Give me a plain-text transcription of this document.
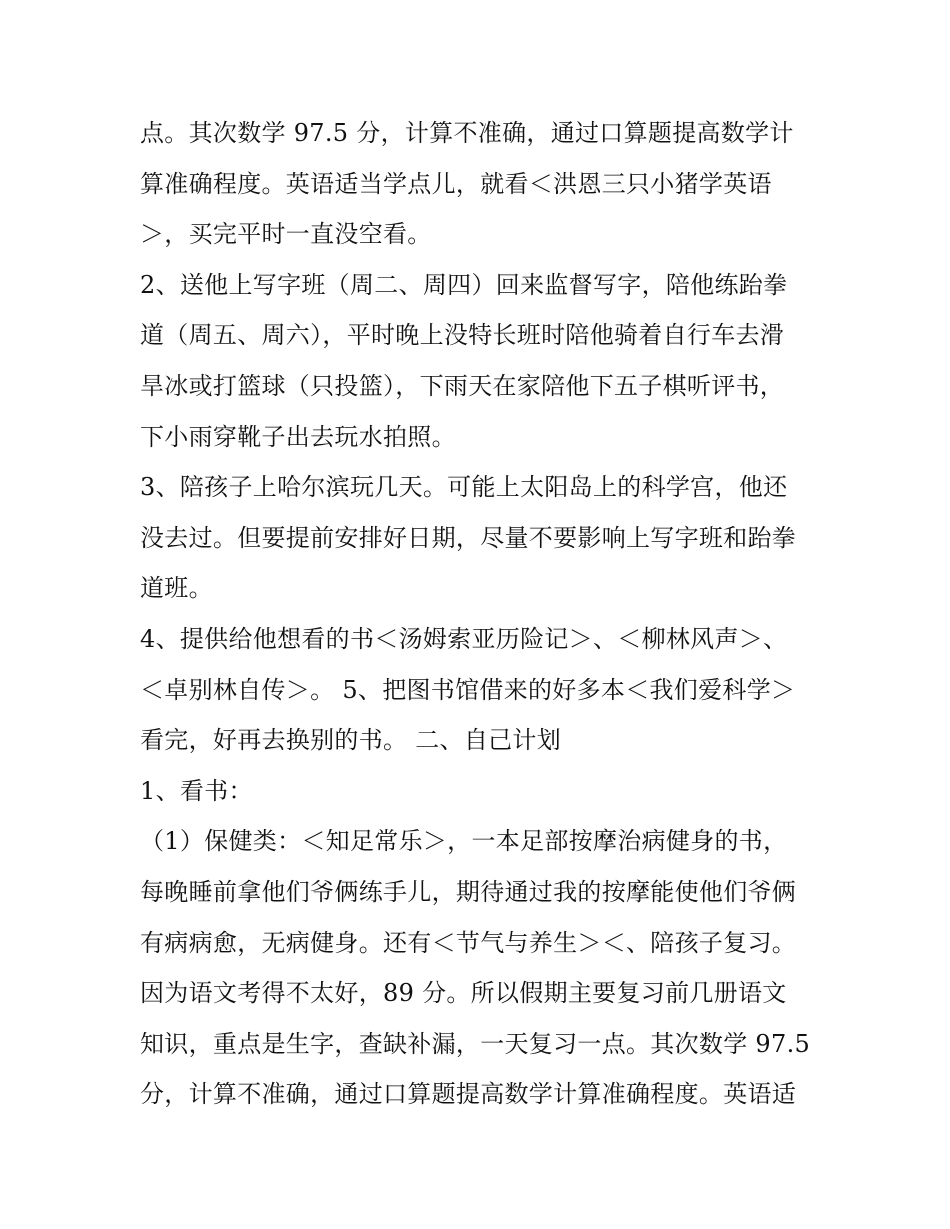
点。其次数学 97.5 分，计算不准确，通过口算题提高数学计
算准确程度。英语适当学点儿，就看＜洪恩三只小猪学英语
＞，买完平时一直没空看。
2、送他上写字班（周二、周四）回来监督写字，陪他练跆拳
道（周五、周六），平时晚上没特长班时陪他骑着自行车去滑
旱冰或打篮球（只投篮），下雨天在家陪他下五子棋听评书，
下小雨穿靴子出去玩水拍照。
3、陪孩子上哈尔滨玩几天。可能上太阳岛上的科学宫，他还
没去过。但要提前安排好日期，尽量不要影响上写字班和跆拳
道班。
4、提供给他想看的书＜汤姆索亚历险记＞、＜柳林风声＞、
＜卓别林自传＞。 5、把图书馆借来的好多本＜我们爱科学＞
看完，好再去换别的书。 二、自己计划
1、看书：
（1）保健类：＜知足常乐＞，一本足部按摩治病健身的书，
每晚睡前拿他们爷俩练手儿，期待通过我的按摩能使他们爷俩
有病病愈，无病健身。还有＜节气与养生＞＜、陪孩子复习。
因为语文考得不太好，89 分。所以假期主要复习前几册语文
知识，重点是生字，查缺补漏，一天复习一点。其次数学 97.5
分，计算不准确，通过口算题提高数学计算准确程度。英语适
